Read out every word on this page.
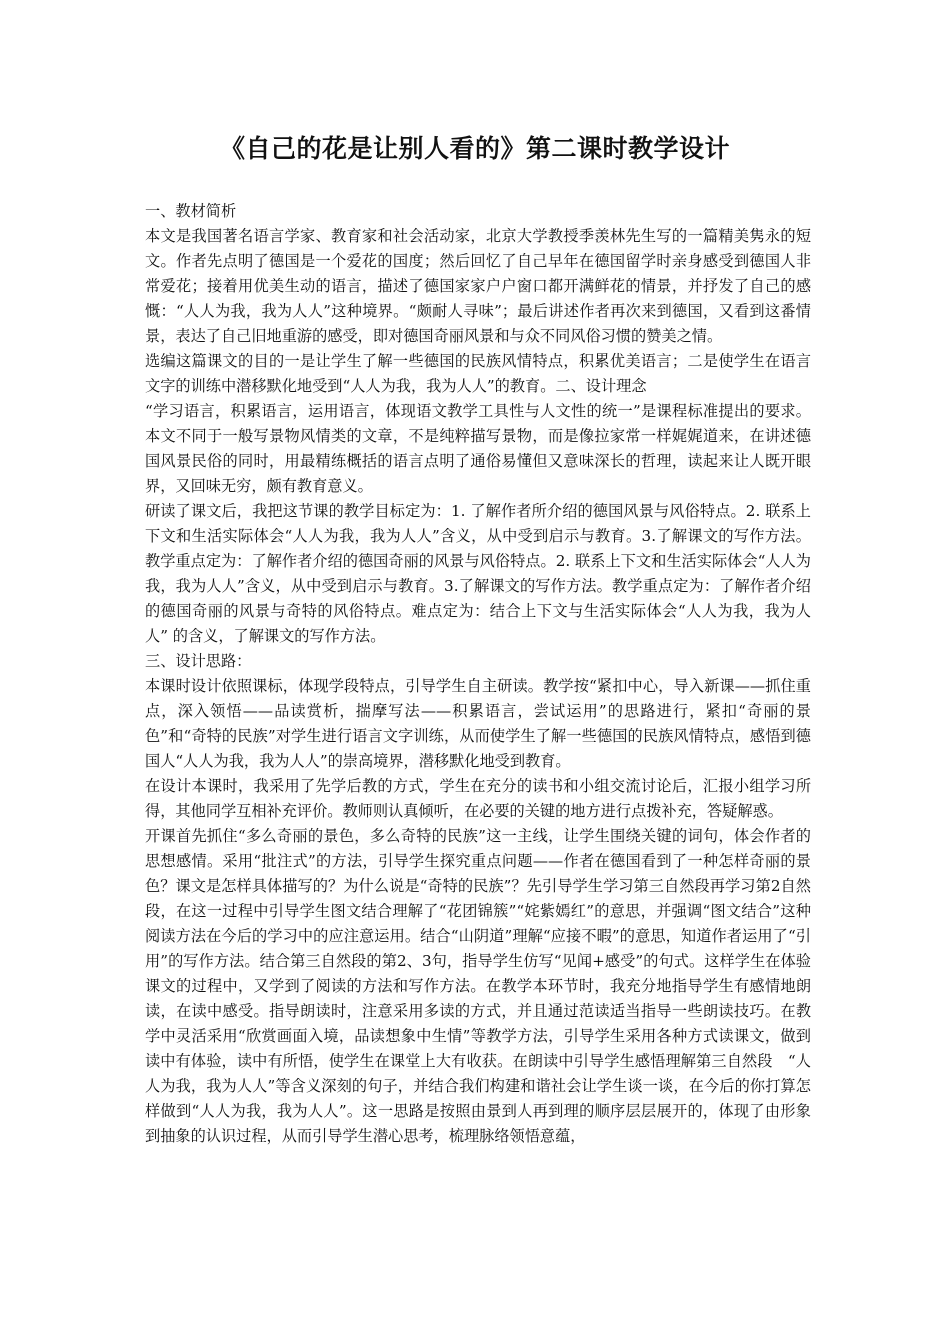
《自己的花是让别人看的》第二课时教学设计

一、教材简析

本文是我国著名语言学家、教育家和社会活动家，北京大学教授季羡林先生写的一篇精美隽永的短文。作者先点明了德国是一个爱花的国度；然后回忆了自己早年在德国留学时亲身感受到德国人非常爱花；接着用优美生动的语言，描述了德国家家户户窗口都开满鲜花的情景，并抒发了自己的感慨：“人人为我，我为人人”这种境界。“颇耐人寻味”；最后讲述作者再次来到德国，又看到这番情景，表达了自己旧地重游的感受，即对德国奇丽风景和与众不同风俗习惯的赞美之情。

选编这篇课文的目的一是让学生了解一些德国的民族风情特点，积累优美语言；二是使学生在语言文字的训练中潜移默化地受到“人人为我，我为人人”的教育。二、设计理念

“学习语言，积累语言，运用语言，体现语文教学工具性与人文性的统一”是课程标准提出的要求。本文不同于一般写景物风情类的文章，不是纯粹描写景物，而是像拉家常一样娓娓道来，在讲述德国风景民俗的同时，用最精练概括的语言点明了通俗易懂但又意味深长的哲理，读起来让人既开眼界，又回味无穷，颇有教育意义。

研读了课文后，我把这节课的教学目标定为：1. 了解作者所介绍的德国风景与风俗特点。2. 联系上下文和生活实际体会“人人为我，我为人人”含义，从中受到启示与教育。3.了解课文的写作方法。教学重点定为：了解作者介绍的德国奇丽的风景与风俗特点。2. 联系上下文和生活实际体会“人人为我，我为人人”含义，从中受到启示与教育。3.了解课文的写作方法。教学重点定为：了解作者介绍的德国奇丽的风景与奇特的风俗特点。难点定为：结合上下文与生活实际体会“人人为我，我为人人” 的含义，了解课文的写作方法。

三、设计思路：

本课时设计依照课标，体现学段特点，引导学生自主研读。教学按“紧扣中心，导入新课——抓住重点，深入领悟——品读赏析，揣摩写法——积累语言，尝试运用”的思路进行，紧扣“奇丽的景色”和“奇特的民族”对学生进行语言文字训练，从而使学生了解一些德国的民族风情特点，感悟到德国人“人人为我，我为人人”的崇高境界，潜移默化地受到教育。

在设计本课时，我采用了先学后教的方式，学生在充分的读书和小组交流讨论后，汇报小组学习所得，其他同学互相补充评价。教师则认真倾听，在必要的关键的地方进行点拨补充，答疑解惑。

开课首先抓住“多么奇丽的景色，多么奇特的民族”这一主线，让学生围绕关键的词句，体会作者的思想感情。采用“批注式”的方法，引导学生探究重点问题——作者在德国看到了一种怎样奇丽的景色？课文是怎样具体描写的？为什么说是“奇特的民族”？先引导学生学习第三自然段再学习第2自然段，在这一过程中引导学生图文结合理解了“花团锦簇”“姹紫嫣红”的意思，并强调“图文结合”这种阅读方法在今后的学习中的应注意运用。结合“山阴道”理解“应接不暇”的意思，知道作者运用了“引用”的写作方法。结合第三自然段的第2、3句，指导学生仿写“见闻+感受”的句式。这样学生在体验课文的过程中，又学到了阅读的方法和写作方法。在教学本环节时，我充分地指导学生有感情地朗读，在读中感受。指导朗读时，注意采用多读的方式，并且通过范读适当指导一些朗读技巧。在教学中灵活采用“欣赏画面入境，品读想象中生情”等教学方法，引导学生采用各种方式读课文，做到读中有体验，读中有所悟，使学生在课堂上大有收获。在朗读中引导学生感悟理解第三自然段　“人人为我，我为人人”等含义深刻的句子，并结合我们构建和谐社会让学生谈一谈，在今后的你打算怎样做到“人人为我，我为人人”。这一思路是按照由景到人再到理的顺序层层展开的，体现了由形象到抽象的认识过程，从而引导学生潜心思考，梳理脉络领悟意蕴，
